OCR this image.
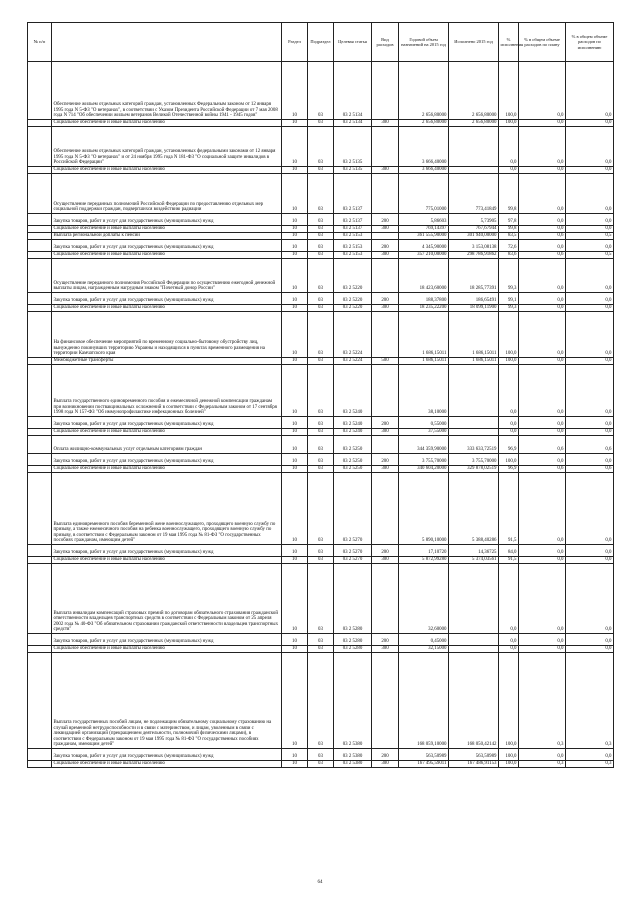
№ п/п		Раздел	Подраздел	Целевая статья	Вид расходов	Годовой объем назначений на 2015 год	Исполнено 2015 год	% исполнения	% в общем объеме расходов по плану	% в общем объеме расходов по исполнению
	Обеспечение жильем отдельных категорий граждан, установленных Федеральным законом от 12 января 1995 года N 5-ФЗ "О ветеранах", в соответствии с Указом Президента Российской Федерации от 7 мая 2008 года N 714 "Об обеспечении жильем ветеранов Великой Отечественной войны 1941 - 1945 годов"	10	03	03 2 5134		2 656,80000	2 656,80000	100,0	0,0	0,0
	Социальное обеспечение и иные выплаты населению	10	03	03 2 5134	300	2 656,80000	2 656,80000	100,0	0,0	0,0
	Обеспечение жильем отдельных категорий граждан, установленных федеральными законами от 12 января 1995 года N 5-ФЗ "О ветеранах" и от 24 ноября 1995 года N 181-ФЗ "О социальной защите инвалидов в Российской Федерации"	10	03	03 2 5135		3 666,40000		0,0	0,0	0,0
	Социальное обеспечение и иные выплаты населению	10	03	03 2 5135	300	3 666,40000		0,0	0,0	0,0
	Осуществление переданных полномочий Российской Федерации по предоставлению отдельных мер социальной поддержки граждан, подвергшихся воздействию радиации	10	03	03 2 5137		775,01000	773,41849	99,8	0,0	0,0
	Закупка товаров, работ и услуг для государственных (муниципальных) нужд	10	03	03 2 5137	200	5,86603	5,73905	97,8	0,0	0,0
	Социальное обеспечение и иные выплаты населению	10	03	03 2 5137	300	769,14397	767,67944	99,8	0,0	0,0
	Выплата региональной доплаты к пенсии	10	03	03 2 5153		361 555,90000	301 940,00000	83,5	0,6	0,5
	Закупка товаров, работ и услуг для государственных (муниципальных) нужд	10	03	03 2 5153	200	4 345,90000	3 153,08138	72,6	0,0	0,0
	Социальное обеспечение и иные выплаты населению	10	03	03 2 5153	300	357 210,00000	298 786,91862	83,6	0,6	0,5
	Осуществление переданного полномочия Российской Федерации по осуществлению ежегодной денежной выплаты лицам, награжденным нагрудным знаком "Почетный донор России"	10	03	03 2 5220		18 423,60000	18 285,77391	99,3	0,0	0,0
	Закупка товаров, работ и услуг для государственных (муниципальных) нужд	10	03	03 2 5220	200	188,37800	186,65491	99,1	0,0	0,0
	Социальное обеспечение и иные выплаты населению	10	03	03 2 5220	300	18 235,22200	18 099,11900	99,3	0,0	0,0
	На финансовое обеспечение мероприятий по временному социально-бытовому обустройству лиц, вынужденно покинувших территорию Украины и находящихся в пунктах временного размещения на территории Камчатского края	10	03	03 2 5224		1 686,15011	1 686,15011	100,0	0,0	0,0
	Межбюджетные трансферты	10	03	03 2 5224	500	1 686,15011	1 686,15011	100,0	0,0	0,0
	Выплата государственного единовременного пособия и ежемесячной денежной компенсации гражданам при возникновении поствакцинальных осложнений в соответствии с Федеральным законом от 17 сентября 1998 года N 157-ФЗ "Об иммунопрофилактике инфекционных болезней"	10	03	03 2 5240		38,10000		0,0	0,0	0,0
	Закупка товаров, работ и услуг для государственных (муниципальных) нужд	10	03	03 2 5240	200	0,55000		0,0	0,0	0,0
	Социальное обеспечение и иные выплаты населению	10	03	03 2 5240	300	37,55000		0,0	0,0	0,0
	Оплата жилищно-коммунальных услуг отдельным категориям граждан	10	03	03 2 5250		344 359,90000	333 633,72519	96,9	0,6	0,6
	Закупка товаров, работ и услуг для государственных (муниципальных) нужд	10	03	03 2 5250	200	3 755,70000	3 755,70000	100,0	0,0	0,0
	Социальное обеспечение и иные выплаты населению	10	03	03 2 5250	300	340 604,20000	329 878,02519	96,9	0,6	0,6
	Выплата единовременного пособия беременной жене военнослужащего, проходящего военную службу по призыву, а также ежемесячного пособия на ребенка военнослужащего, проходящего военную службу по призыву, в соответствии с Федеральным законом от 19 мая 1995 года № 81-ФЗ "О государственных пособиях гражданам, имеющим детей"	10	03	03 2 5270		5 890,10000	5 388,40286	91,5	0,0	0,0
	Закупка товаров, работ и услуг для государственных (муниципальных) нужд	10	03	03 2 5270	200	17,10720	14,36725	84,0	0,0	0,0
	Социальное обеспечение и иные выплаты населению	10	03	03 2 5270	300	5 872,99280	5 374,03561	91,5	0,0	0,0
	Выплата инвалидам компенсаций страховых премий по договорам обязательного страхования гражданской ответственности владельцев транспортных средств в соответствии с Федеральным законом от 25 апреля 2002 года № 40-ФЗ "Об обязательном страховании гражданской ответственности владельцев транспортных средств"	10	03	03 2 5280		32,60000		0,0	0,0	0,0
	Закупка товаров, работ и услуг для государственных (муниципальных) нужд	10	03	03 2 5280	200	0,45000		0,0	0,0	0,0
	Социальное обеспечение и иные выплаты населению	10	03	03 2 5280	300	32,15000		0,0	0,0	0,0
	Выплата государственных пособий лицам, не подлежащим обязательному социальному страхованию на случай временной нетрудоспособности и в связи с материнством, и лицам, уволенным в связи с ликвидацией организаций (прекращением деятельности, полномочий физическими лицами), в соответствии с Федеральным законом от 19 мая 1995 года № 81-ФЗ "О государственных пособиях гражданам, имеющим детей"	10	03	03 2 5380		168 059,10000	168 050,42142	100,0	0,3	0,3
	Закупка товаров, работ и услуг для государственных (муниципальных) нужд	10	03	03 2 5380	200	563,50989	563,50989	100,0	0,0	0,0
	Социальное обеспечение и иные выплаты населению	10	03	03 2 5380	300	167 495,59011	167 486,91153	100,0	0,3	0,3
64
